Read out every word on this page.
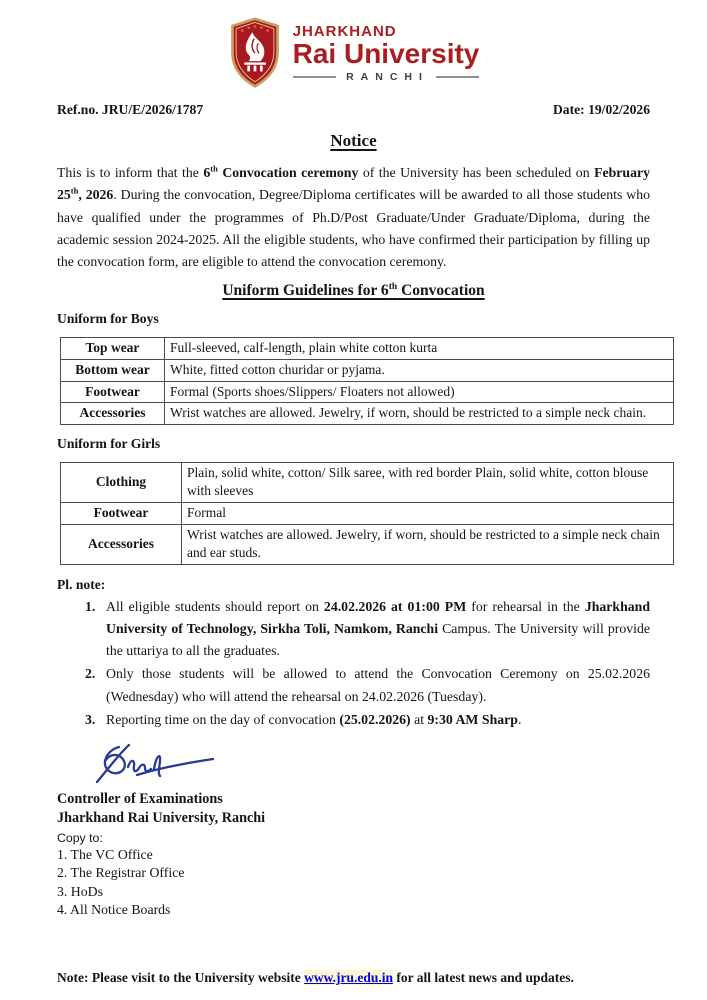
JHARKHAND
Rai University
RANCHI
Ref.no. JRU/E/2026/1787	Date: 19/02/2026
Notice

This is to inform that the 6th Convocation ceremony of the University has been scheduled on February 25th, 2026. During the convocation, Degree/Diploma certificates will be awarded to all those students who have qualified under the programmes of Ph.D/Post Graduate/Under Graduate/Diploma, during the academic session 2024-2025. All the eligible students, who have confirmed their participation by filling up the convocation form, are eligible to attend the convocation ceremony.

Uniform Guidelines for 6th Convocation
Uniform for Boys
Top wear	Full-sleeved, calf-length, plain white cotton kurta
Bottom wear	White, fitted cotton churidar or pyjama.
Footwear	Formal (Sports shoes/Slippers/ Floaters not allowed)
Accessories	Wrist watches are allowed. Jewelry, if worn, should be restricted to a simple neck chain.
Uniform for Girls
Clothing	Plain, solid white, cotton/ Silk saree, with red border Plain, solid white, cotton blouse with sleeves
Footwear	Formal
Accessories	Wrist watches are allowed. Jewelry, if worn, should be restricted to a simple neck chain and ear studs.
Pl. note:
1. All eligible students should report on 24.02.2026 at 01:00 PM for rehearsal in the Jharkhand University of Technology, Sirkha Toli, Namkom, Ranchi Campus. The University will provide the uttariya to all the graduates.
2. Only those students will be allowed to attend the Convocation Ceremony on 25.02.2026 (Wednesday) who will attend the rehearsal on 24.02.2026 (Tuesday).
3. Reporting time on the day of convocation (25.02.2026) at 9:30 AM Sharp.
Controller of Examinations
Jharkhand Rai University, Ranchi
Copy to:
1. The VC Office
2. The Registrar Office
3. HoDs
4. All Notice Boards
Note: Please visit to the University website www.jru.edu.in for all latest news and updates.
